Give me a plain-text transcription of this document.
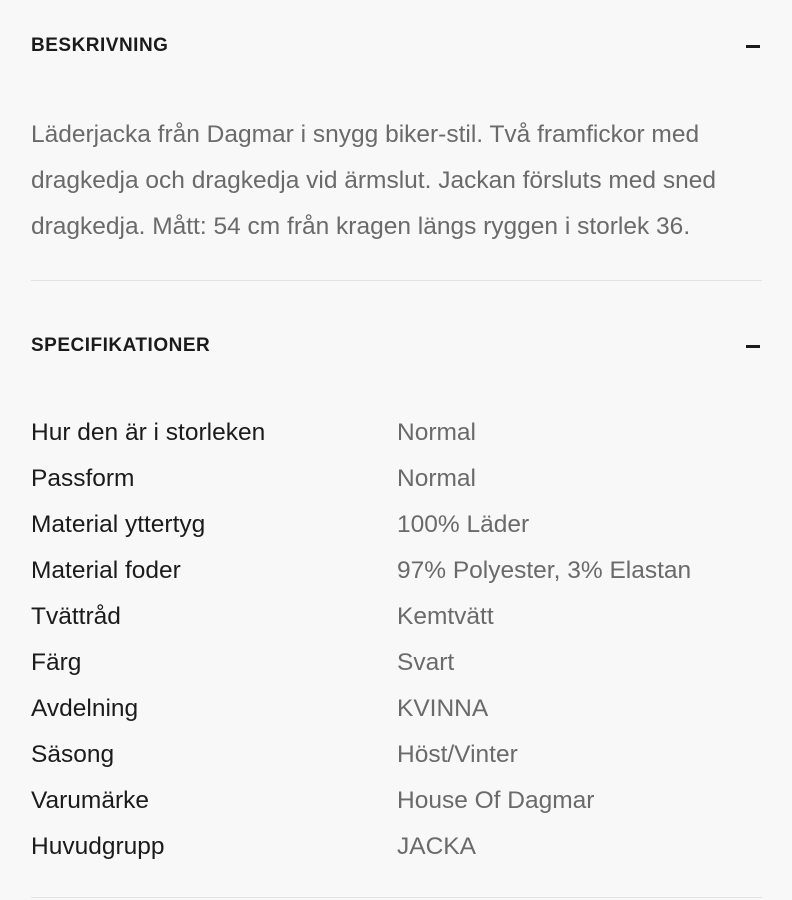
BESKRIVNING
Läderjacka från Dagmar i snygg biker-stil. Två framfickor med dragkedja och dragkedja vid ärmslut. Jackan försluts med sned dragkedja. Mått: 54 cm från kragen längs ryggen i storlek 36.
SPECIFIKATIONER
Hur den är i storleken	Normal
Passform	Normal
Material yttertyg	100% Läder
Material foder	97% Polyester, 3% Elastan
Tvättråd	Kemtvätt
Färg	Svart
Avdelning	KVINNA
Säsong	Höst/Vinter
Varumärke	House Of Dagmar
Huvudgrupp	JACKA
